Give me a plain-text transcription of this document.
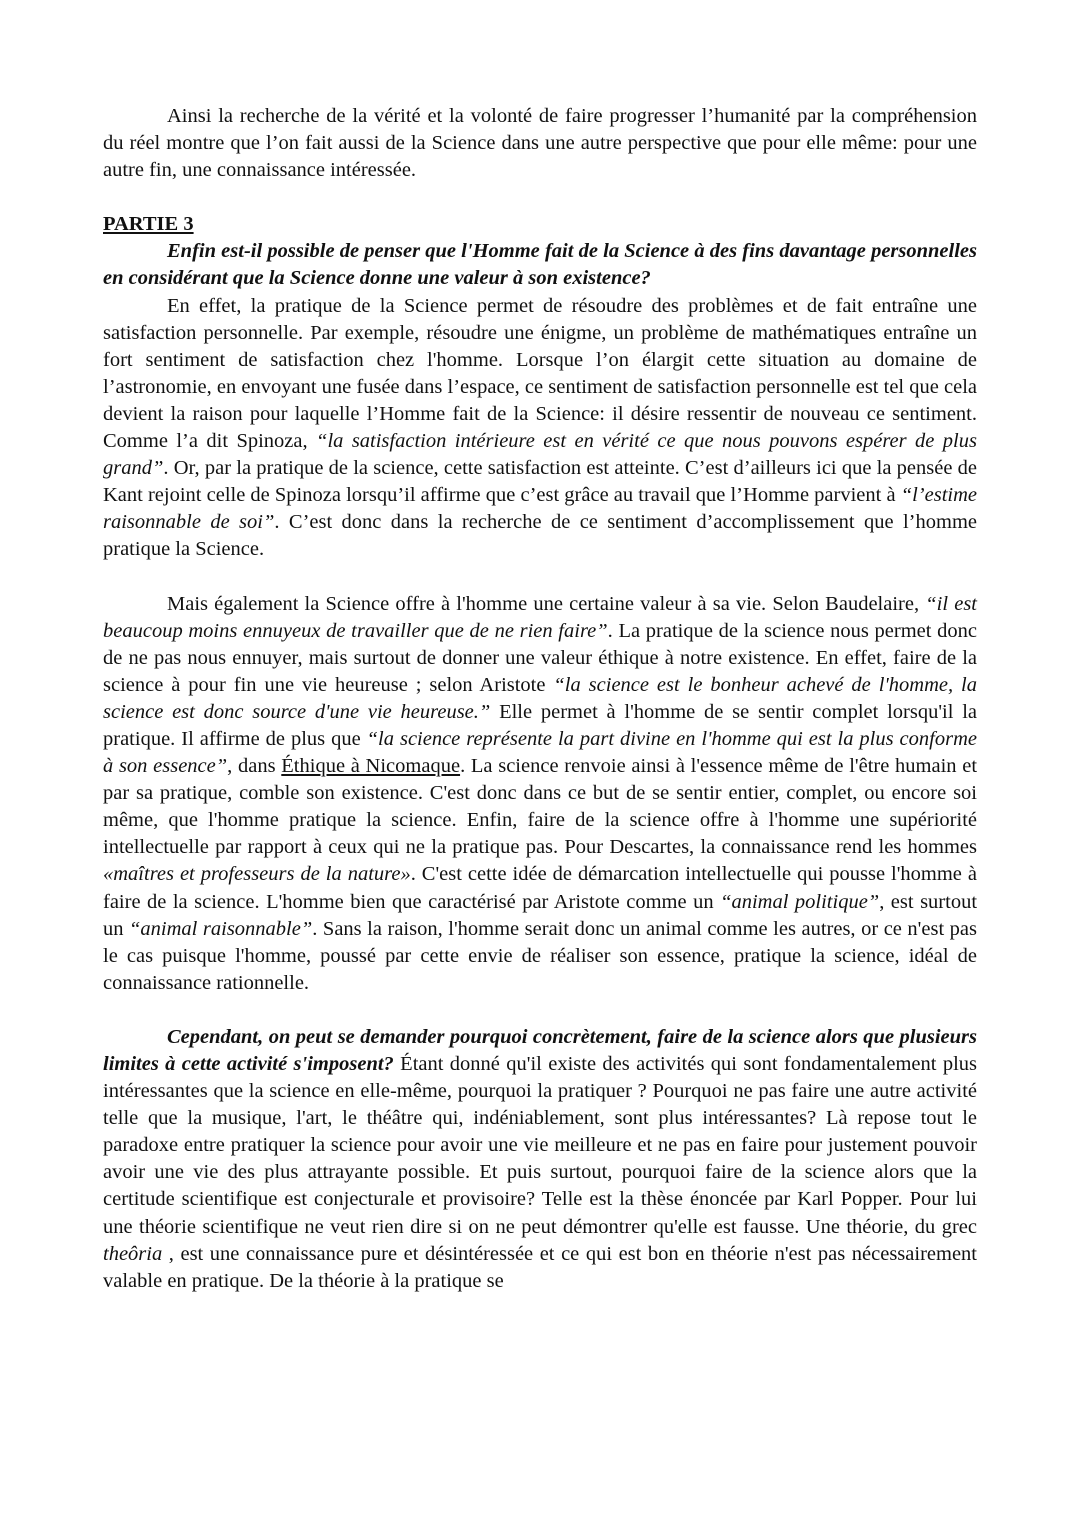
Ainsi la recherche de la vérité et la volonté de faire progresser l’humanité par la compréhension du réel montre que l’on fait aussi de la Science dans une autre perspective que pour elle même: pour une autre fin, une connaissance intéressée.

PARTIE 3

Enfin est-il possible de penser que l'Homme fait de la Science à des fins davantage personnelles en considérant que la Science donne une valeur à son existence?

En effet, la pratique de la Science permet de résoudre des problèmes et de fait entraîne une satisfaction personnelle. Par exemple, résoudre une énigme, un problème de mathématiques entraîne un fort sentiment de satisfaction chez l'homme. Lorsque l’on élargit cette situation au domaine de l’astronomie, en envoyant une fusée dans l’espace, ce sentiment de satisfaction personnelle est tel que cela devient la raison pour laquelle l’Homme fait de la Science: il désire ressentir de nouveau ce sentiment. Comme l’a dit Spinoza, “la satisfaction intérieure est en vérité ce que nous pouvons espérer de plus grand”. Or, par la pratique de la science, cette satisfaction est atteinte. C’est d’ailleurs ici que la pensée de Kant rejoint celle de Spinoza lorsqu’il affirme que c’est grâce au travail que l’Homme parvient à “l’estime raisonnable de soi”. C’est donc dans la recherche de ce sentiment d’accomplissement que l’homme pratique la Science.

Mais également la Science offre à l'homme une certaine valeur à sa vie. Selon Baudelaire, “il est beaucoup moins ennuyeux de travailler que de ne rien faire”. La pratique de la science nous permet donc de ne pas nous ennuyer, mais surtout de donner une valeur éthique à notre existence. En effet, faire de la science à pour fin une vie heureuse ; selon Aristote “la science est le bonheur achevé de l'homme, la science est donc source d'une vie heureuse.” Elle permet à l'homme de se sentir complet lorsqu'il la pratique. Il affirme de plus que “la science représente la part divine en l'homme qui est la plus conforme à son essence”, dans Éthique à Nicomaque. La science renvoie ainsi à l'essence même de l'être humain et par sa pratique, comble son existence. C'est donc dans ce but de se sentir entier, complet, ou encore soi même, que l'homme pratique la science. Enfin, faire de la science offre à l'homme une supériorité intellectuelle par rapport à ceux qui ne la pratique pas. Pour Descartes, la connaissance rend les hommes «maîtres et professeurs de la nature». C'est cette idée de démarcation intellectuelle qui pousse l'homme à faire de la science. L'homme bien que caractérisé par Aristote comme un “animal politique”, est surtout un “animal raisonnable”. Sans la raison, l'homme serait donc un animal comme les autres, or ce n'est pas le cas puisque l'homme, poussé par cette envie de réaliser son essence, pratique la science, idéal de connaissance rationnelle.

Cependant, on peut se demander pourquoi concrètement, faire de la science alors que plusieurs limites à cette activité s'imposent? Étant donné qu'il existe des activités qui sont fondamentalement plus intéressantes que la science en elle-même, pourquoi la pratiquer ? Pourquoi ne pas faire une autre activité telle que la musique, l'art, le théâtre qui, indéniablement, sont plus intéressantes? Là repose tout le paradoxe entre pratiquer la science pour avoir une vie meilleure et ne pas en faire pour justement pouvoir avoir une vie des plus attrayante possible. Et puis surtout, pourquoi faire de la science alors que la certitude scientifique est conjecturale et provisoire? Telle est la thèse énoncée par Karl Popper. Pour lui une théorie scientifique ne veut rien dire si on ne peut démontrer qu'elle est fausse. Une théorie, du grec theôria , est une connaissance pure et désintéressée et ce qui est bon en théorie n'est pas nécessairement valable en pratique. De la théorie à la pratique se
